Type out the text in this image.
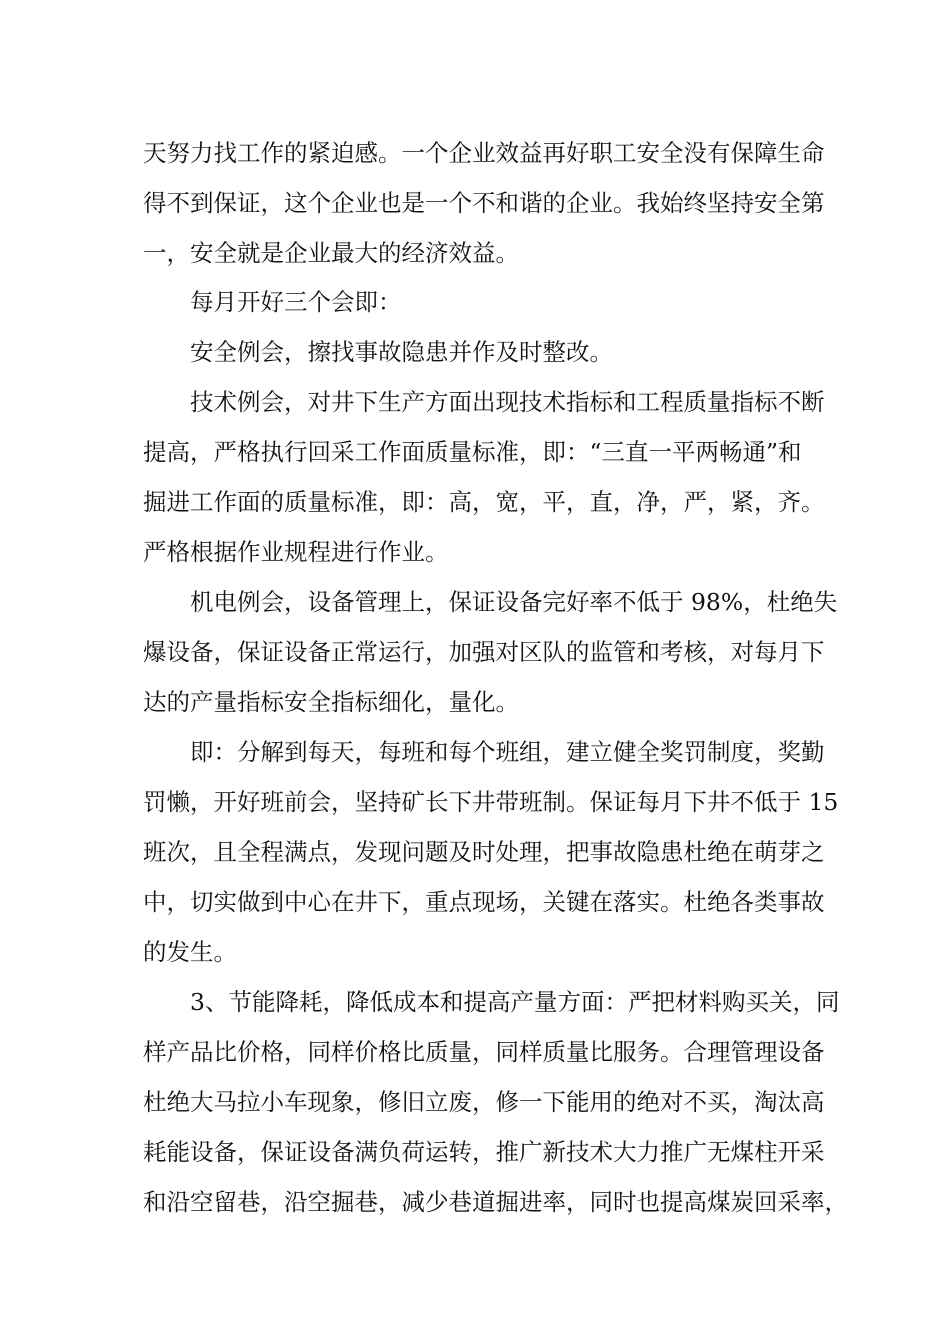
天努力找工作的紧迫感。一个企业效益再好职工安全没有保障生命
得不到保证，这个企业也是一个不和谐的企业。我始终坚持安全第
一，安全就是企业最大的经济效益。
每月开好三个会即：
安全例会，擦找事故隐患并作及时整改。
技术例会，对井下生产方面出现技术指标和工程质量指标不断
提高，严格执行回采工作面质量标准，即：“三直一平两畅通”和
掘进工作面的质量标准，即：高，宽，平，直，净，严，紧，齐。
严格根据作业规程进行作业。
机电例会，设备管理上，保证设备完好率不低于 98%，杜绝失
爆设备，保证设备正常运行，加强对区队的监管和考核，对每月下
达的产量指标安全指标细化，量化。
即：分解到每天，每班和每个班组，建立健全奖罚制度，奖勤
罚懒，开好班前会，坚持矿长下井带班制。保证每月下井不低于 15
班次，且全程满点，发现问题及时处理，把事故隐患杜绝在萌芽之
中，切实做到中心在井下，重点现场，关键在落实。杜绝各类事故
的发生。
3、节能降耗，降低成本和提高产量方面：严把材料购买关，同
样产品比价格，同样价格比质量，同样质量比服务。合理管理设备
杜绝大马拉小车现象，修旧立废，修一下能用的绝对不买，淘汰高
耗能设备，保证设备满负荷运转，推广新技术大力推广无煤柱开采
和沿空留巷，沿空掘巷，减少巷道掘进率，同时也提高煤炭回采率，
